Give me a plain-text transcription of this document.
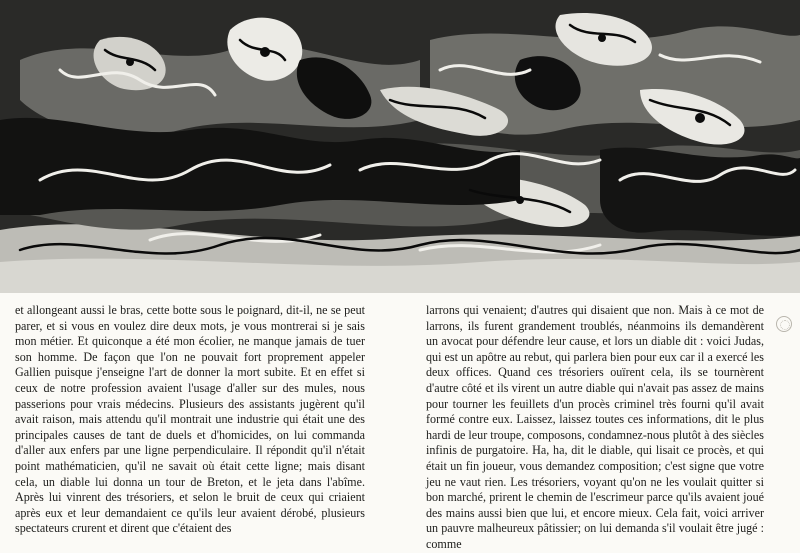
et allongeant aussi le bras, cette botte sous le poignard, dit-il, ne se peut parer, et si vous en voulez dire deux mots, je vous montrerai si je sais mon métier. Et quiconque a été mon écolier, ne manque jamais de tuer son homme. De façon que l'on ne pouvait fort proprement appeler Gallien puisque j'enseigne l'art de donner la mort subite. Et en effet si ceux de notre profession avaient l'usage d'aller sur des mules, nous passerions pour vrais médecins. Plusieurs des assistants jugèrent qu'il avait raison, mais attendu qu'il montrait une industrie qui était une des principales causes de tant de duels et d'homicides, on lui commanda d'aller aux enfers par une ligne perpendiculaire. Il répondit qu'il n'était point mathématicien, qu'il ne savait où était cette ligne; mais disant cela, un diable lui donna un tour de Breton, et le jeta dans l'abîme. Après lui vinrent des trésoriers, et selon le bruit de ceux qui criaient après eux et leur demandaient ce qu'ils leur avaient dérobé, plusieurs spectateurs crurent et dirent que c'étaient des

larrons qui venaient; d'autres qui disaient que non. Mais à ce mot de larrons, ils furent grandement troublés, néanmoins ils demandèrent un avocat pour défendre leur cause, et lors un diable dit : voici Judas, qui est un apôtre au rebut, qui parlera bien pour eux car il a exercé les deux offices. Quand ces trésoriers ouïrent cela, ils se tournèrent d'autre côté et ils virent un autre diable qui n'avait pas assez de mains pour tourner les feuillets d'un procès criminel très fourni qu'il avait formé contre eux. Laissez, laissez toutes ces informations, dit le plus hardi de leur troupe, composons, condamnez-nous plutôt à des siècles infinis de purgatoire. Ha, ha, dit le diable, qui lisait ce procès, et qui était un fin joueur, vous demandez composition; c'est signe que votre jeu ne vaut rien. Les trésoriers, voyant qu'on ne les voulait quitter si bon marché, prirent le chemin de l'escrimeur parce qu'ils avaient joué des mains aussi bien que lui, et encore mieux. Cela fait, voici arriver un pauvre malheureux pâtissier; on lui demanda s'il voulait être jugé : comme
